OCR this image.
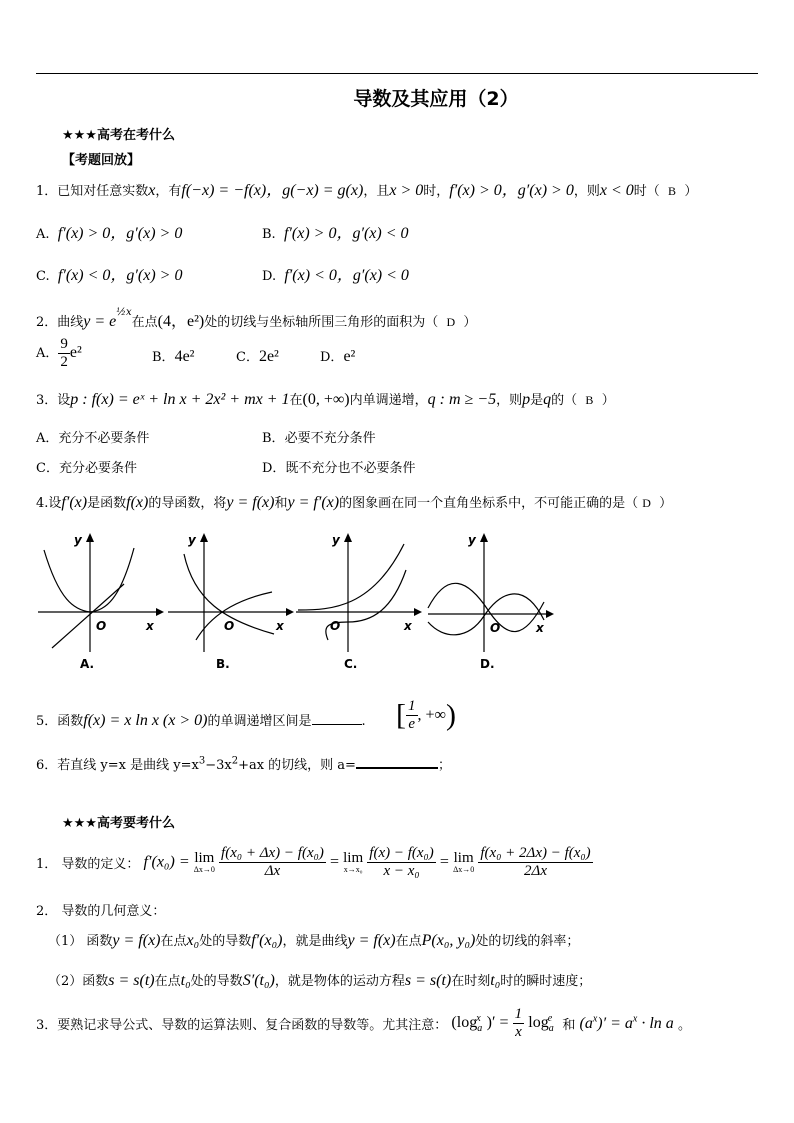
导数及其应用（2）
★★★高考在考什么
【考题回放】
1．已知对任意实数x，有f(−x) = −f(x)，g(−x) = g(x)，且x > 0时，f′(x) > 0，g′(x) > 0，则x < 0时（ B ）
A. f′(x) > 0，g′(x) > 0	B. f′(x) > 0，g′(x) < 0
C. f′(x) < 0，g′(x) > 0	D. f′(x) < 0，g′(x) < 0
2．曲线$y = e^{\frac{1}{2}x}$在点(4，e²)处的切线与坐标轴所围三角形的面积为（ D ）
A． $\frac{9}{2} e^2$	B．4e²	C．2e²	D．e²
3．设p : f(x) = eˣ + ln x + 2x² + mx + 1在(0, +∞)内单调递增，q : m ≥ −5，则p是q的（ B ）
A．充分不必要条件	B．必要不充分条件
C．充分必要条件	D．既不充分也不必要条件
4.设f′(x)是函数f(x)的导函数，将y = f(x)和y = f′(x)的图象画在同一个直角坐标系中，不可能正确的是（ D ）
y
O	x
A.
y
O	x
B.
y
O	x
C.
y
O	x
D.
5．函数f(x) = x ln x (x > 0)的单调递增区间是	. [ $\frac{1}{e}$ , +∞)
6．若直线 y=x 是曲线 $y=x^3-3x^2+ax$ 的切线，则 a=	；
★★★高考要考什么
1． 导数的定义： f′(x₀) = lim
Δx→0
$\frac{\text{f(x₀ + Δx) − f(x₀)}}{\Delta x} = \lim$
x→x₀
$\frac{\text{f(x) − f(x₀)}}{\text{x − x₀}} = \lim$
Δx→0
$\frac{\text{f(x₀ + 2Δx) − f(x₀)}}{2\Delta x}$
2． 导数的几何意义：
（1） 函数y = f(x)在点x₀处的导数f′(x₀)，就是曲线y = f(x)在点P(x₀, y₀)处的切线的斜率；
（2）函数s = s(t)在点t₀处的导数S′(t₀)，就是物体的运动方程s = s(t)在时刻t₀时的瞬时速度；
3．要熟记求导公式、导数的运算法则、复合函数的导数等。尤其注意： ($\log_a^x$ )′ = $\frac{1}{x} \log_a^e$ 和 $(a^x)' = a^x \cdot \ln a$ 。
